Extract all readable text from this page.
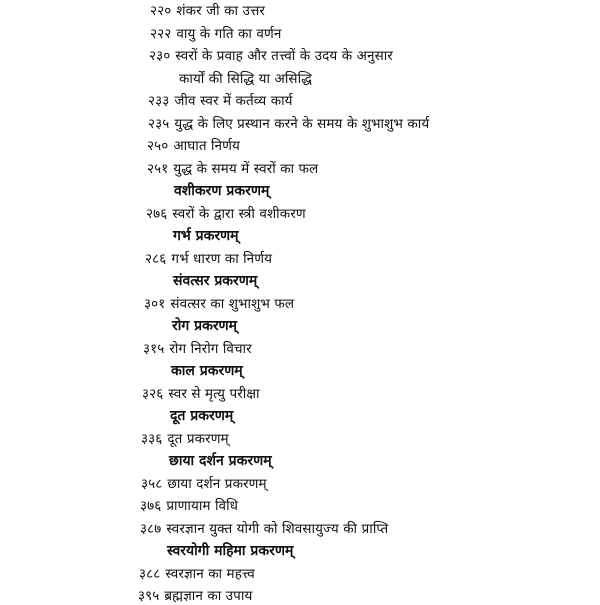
२२० शंकर जी का उत्तर
२२२ वायु के गति का वर्णन
२३० स्वरों के प्रवाह और तत्त्वों के उदय के अनुसार
कार्यों की सिद्धि या असिद्धि
२३३ जीव स्वर में कर्तव्य कार्य
२३५ युद्ध के लिए प्रस्थान करने के समय के शुभाशुभ कार्य
२५० आघात निर्णय
२५१ युद्ध के समय में स्वरों का फल
वशीकरण प्रकरणम्
२७६ स्वरों के द्वारा स्त्री वशीकरण
गर्भ प्रकरणम्
२८६ गर्भ धारण का निर्णय
संवत्सर प्रकरणम्
३०१ संवत्सर का शुभाशुभ फल
रोग प्रकरणम्
३१५ रोग निरोग विचार
काल प्रकरणम्
३२६ स्वर से मृत्यु परीक्षा
दूत प्रकरणम्
३३६ दूत प्रकरणम्
छाया दर्शन प्रकरणम्
३५८ छाया दर्शन प्रकरणम्
३७६ प्राणायाम विधि
३८७ स्वरज्ञान युक्त योगी को शिवसायुज्य की प्राप्ति
स्वरयोगी महिमा प्रकरणम्
३८८ स्वरज्ञान का महत्त्व
३९५ ब्रह्मज्ञान का उपाय
